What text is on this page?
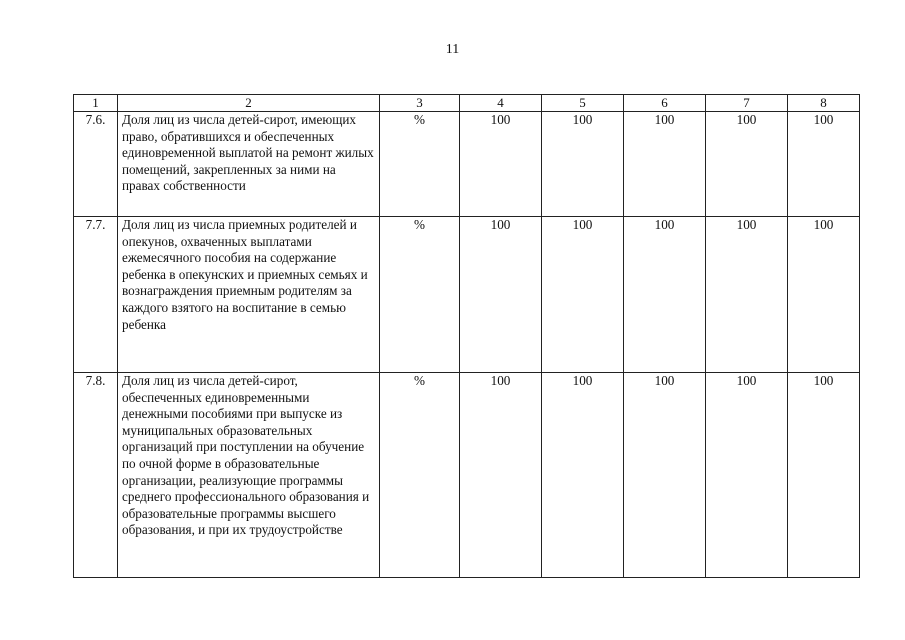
11
1	2	3	4	5	6	7	8
7.6.	Доля лиц из числа детей-сирот, имеющих право, обратившихся и обеспеченных единовременной выплатой на ремонт жилых помещений, закрепленных за ними на правах собственности	%	100	100	100	100	100
7.7.	Доля лиц из числа приемных родителей и опекунов, охваченных выплатами ежемесячного пособия на содержание ребенка в опекунских и приемных семьях и вознаграждения приемным родителям за каждого взятого на воспитание в семью ребенка	%	100	100	100	100	100
7.8.	Доля лиц из числа детей-сирот, обеспеченных единовременными денежными пособиями при выпуске из муниципальных образовательных организаций при поступлении на обучение по очной форме в образовательные организации, реализующие программы среднего профессионального образования и образовательные программы высшего образования, и при их трудоустройстве	%	100	100	100	100	100
